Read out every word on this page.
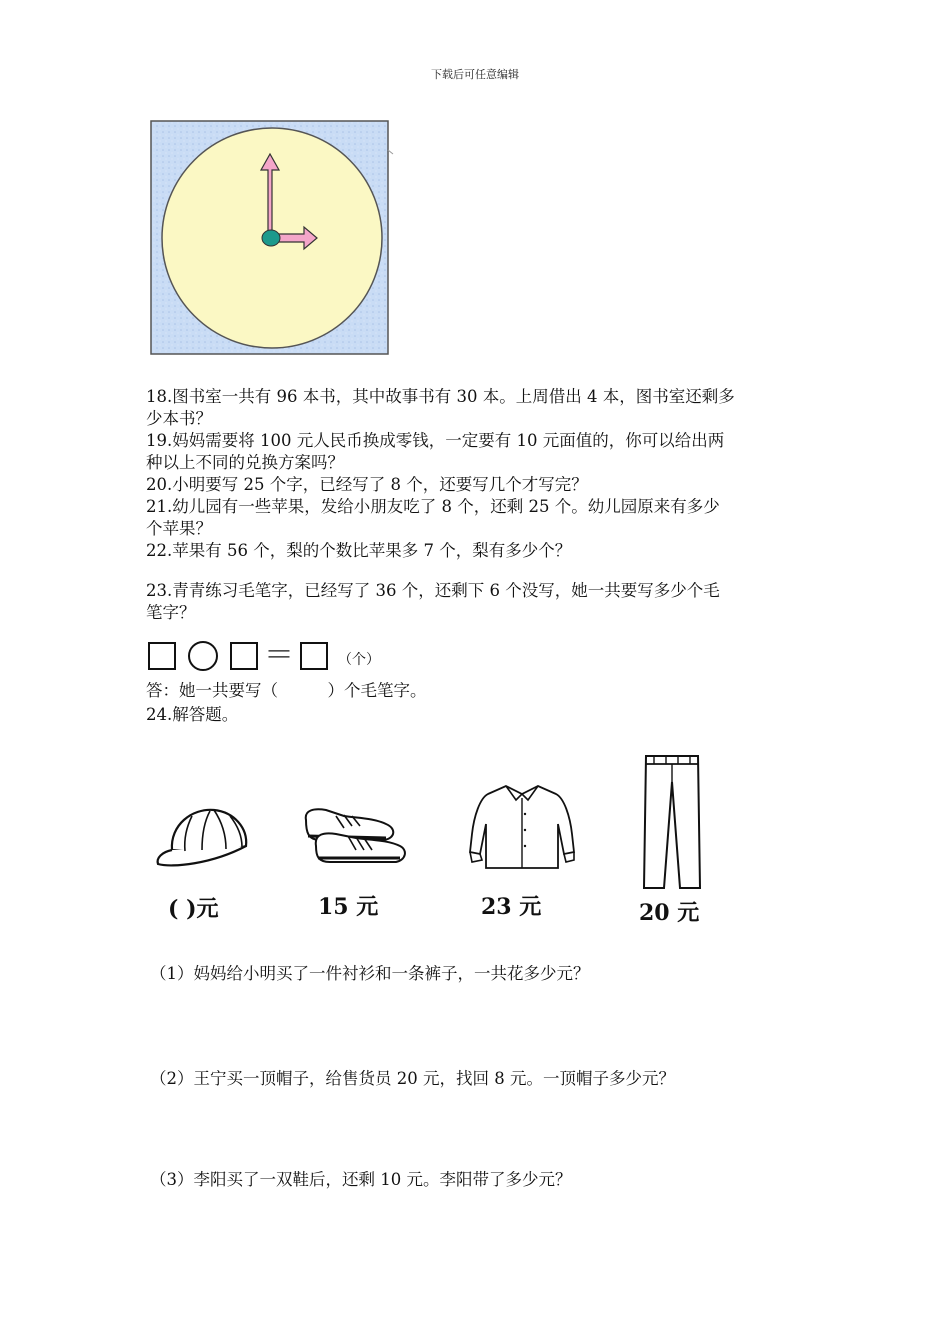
下载后可任意编辑
18.图书室一共有 96 本书，其中故事书有 30 本。上周借出 4 本，图书室还剩多
少本书？
19.妈妈需要将 100 元人民币换成零钱，一定要有 10 元面值的，你可以给出两
种以上不同的兑换方案吗？
20.小明要写 25 个字，已经写了 8 个，还要写几个才写完？
21.幼儿园有一些苹果，发给小朋友吃了 8 个，还剩 25 个。幼儿园原来有多少
个苹果？
22.苹果有 56 个，梨的个数比苹果多 7 个，梨有多少个？
23.青青练习毛笔字，已经写了 36 个，还剩下 6 个没写，她一共要写多少个毛
笔字？
＝	（个）
答：她一共要写（　　　）个毛笔字。
24.解答题。
( )元	15 元	23 元	20 元
（1）妈妈给小明买了一件衬衫和一条裤子，一共花多少元？
（2）王宁买一顶帽子，给售货员 20 元，找回 8 元。一顶帽子多少元？
（3）李阳买了一双鞋后，还剩 10 元。李阳带了多少元？
